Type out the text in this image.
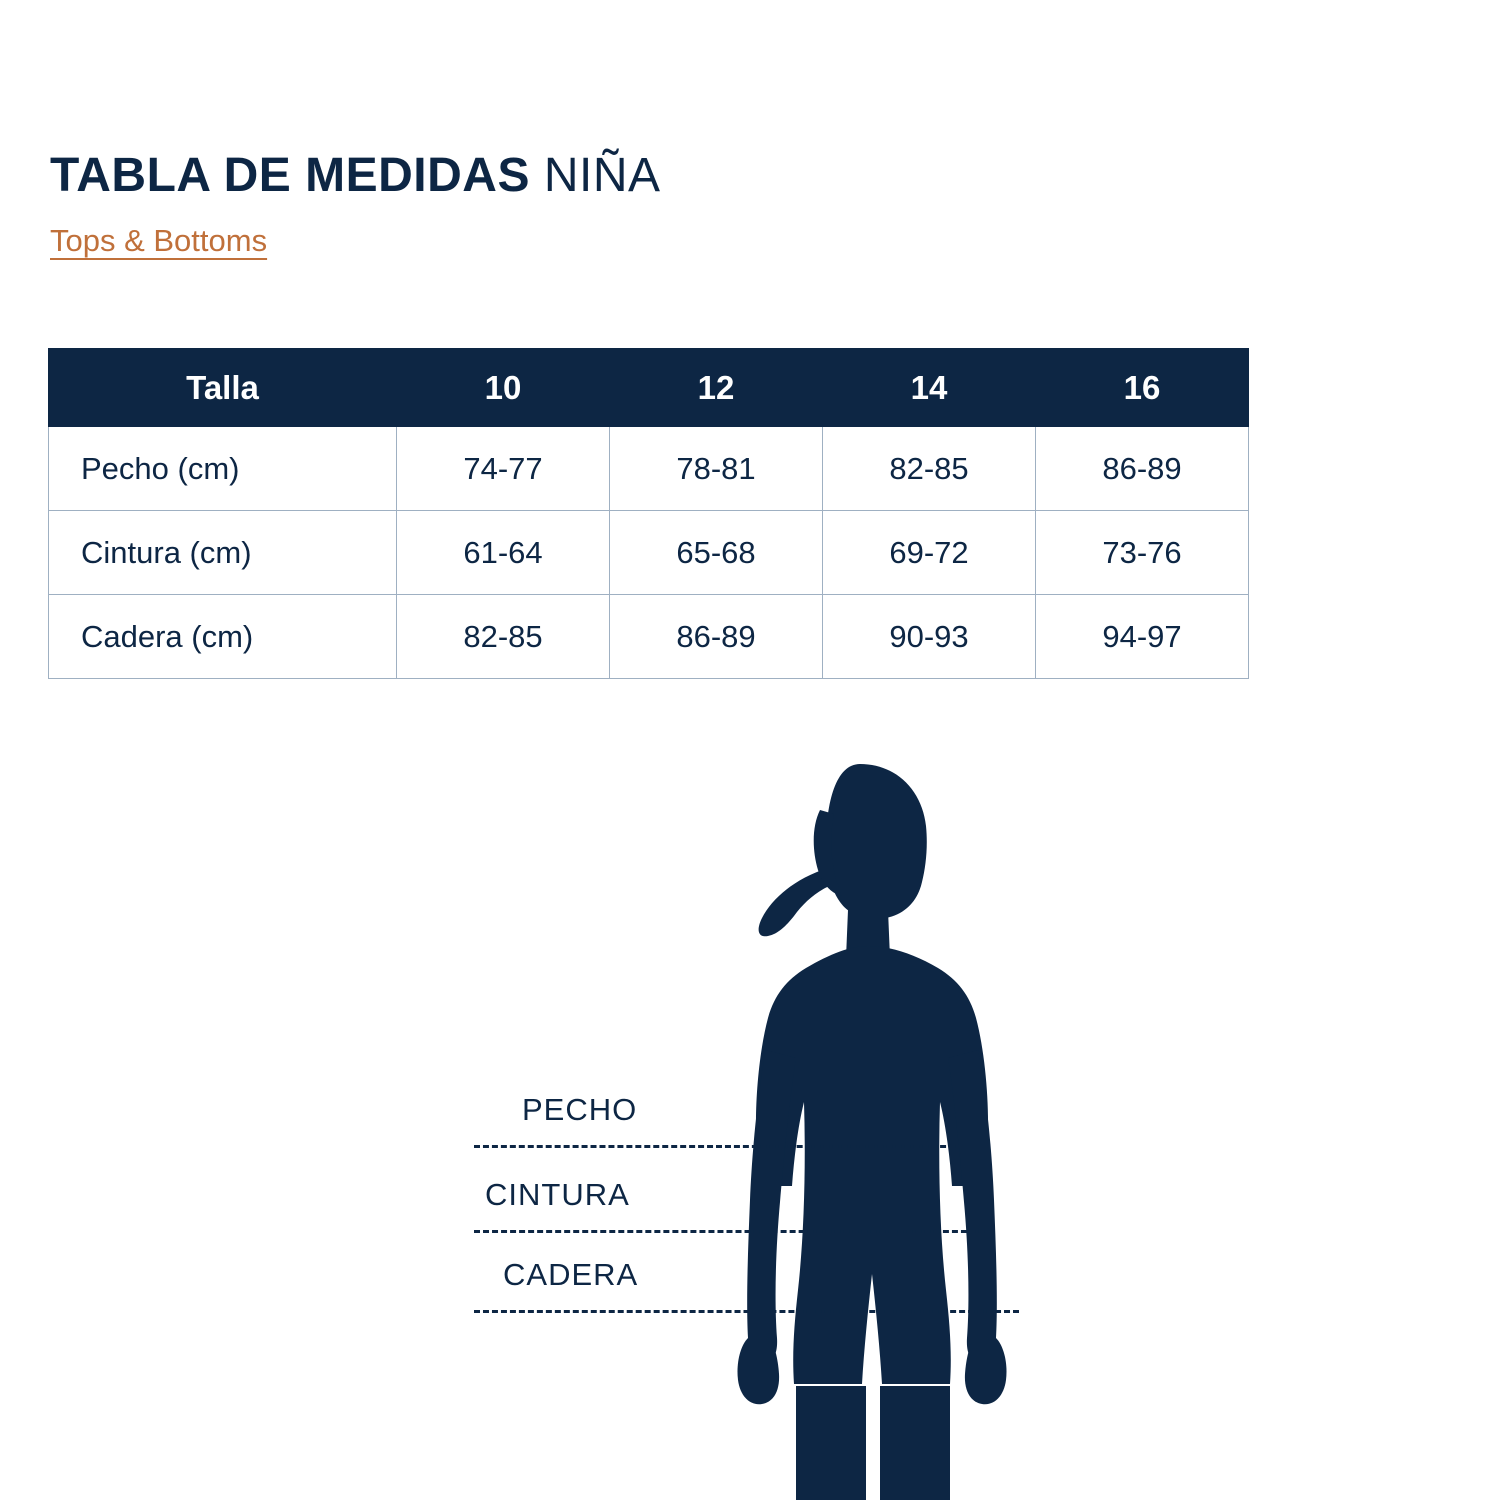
TABLA DE MEDIDAS NIÑA
Tops & Bottoms
Talla	10	12	14	16
Pecho (cm)	74-77	78-81	82-85	86-89
Cintura (cm)	61-64	65-68	69-72	73-76
Cadera (cm)	82-85	86-89	90-93	94-97
PECHO
CINTURA
CADERA
